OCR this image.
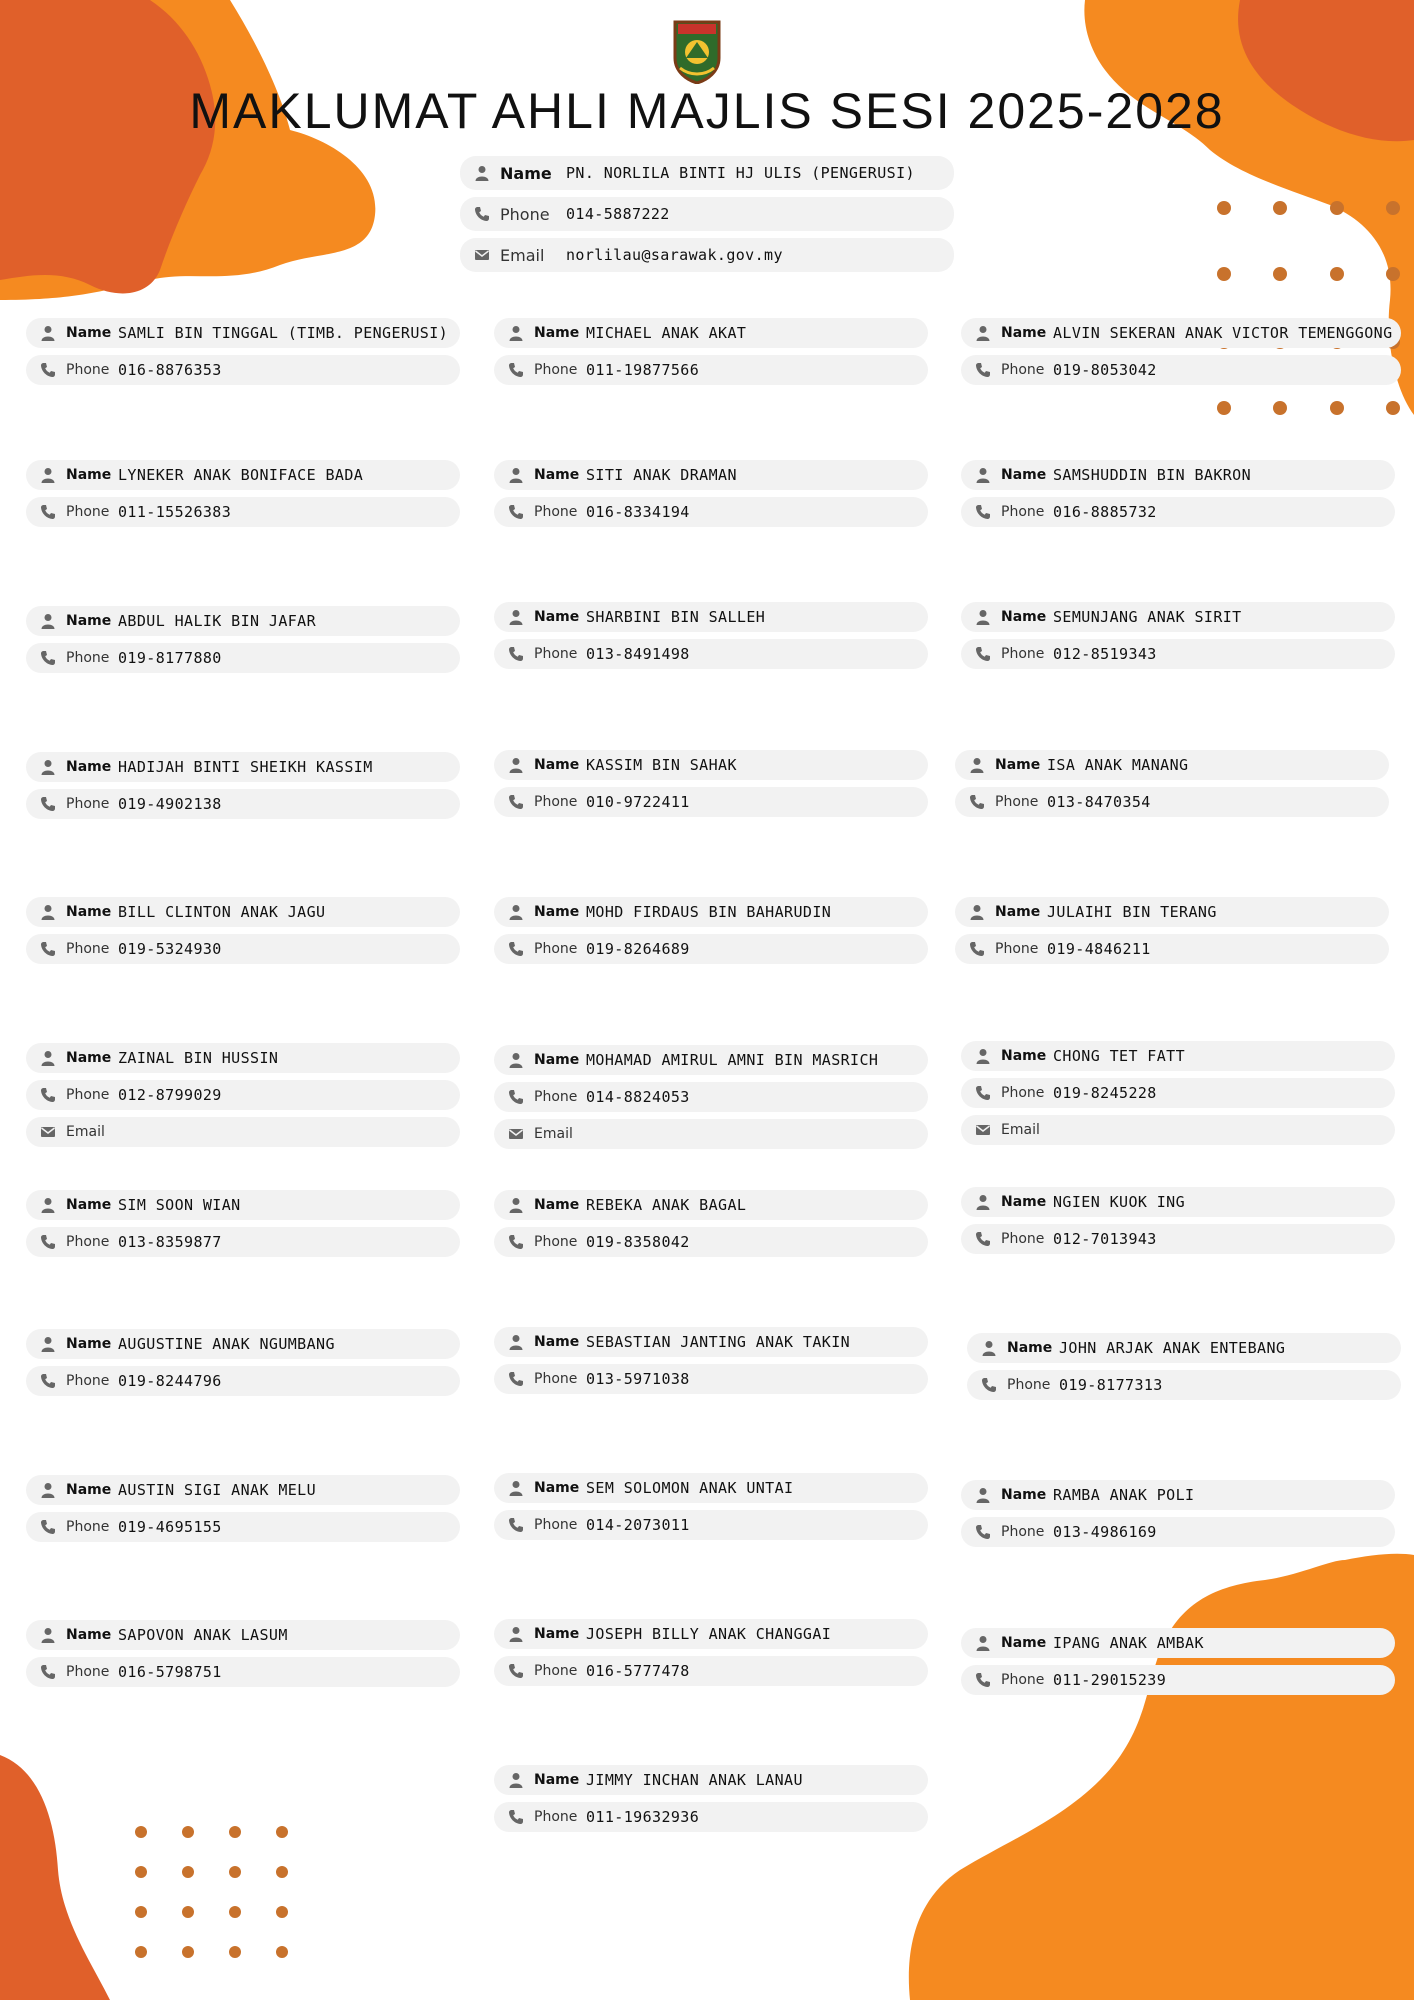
MAKLUMAT AHLI MAJLIS SESI 2025-2028
Name PN. NORLILA BINTI HJ ULIS (PENGERUSI)
Phone	014-5887222
Email	norlilau@sarawak.gov.my
Name SAMLI BIN TINGGAL (TIMB. PENGERUSI)
Phone 016-8876353
Name MICHAEL ANAK AKAT
Phone 011-19877566
Name ALVIN SEKERAN ANAK VICTOR TEMENGGONG
Phone 019-8053042
Name LYNEKER ANAK BONIFACE BADA
Phone 011-15526383
Name SITI ANAK DRAMAN
Phone 016-8334194
Name SAMSHUDDIN BIN BAKRON
Phone 016-8885732
Name ABDUL HALIK BIN JAFAR
Phone 019-8177880
Name SHARBINI BIN SALLEH
Phone 013-8491498
Name SEMUNJANG ANAK SIRIT
Phone 012-8519343
Name HADIJAH BINTI SHEIKH KASSIM
Phone 019-4902138
Name KASSIM BIN SAHAK
Phone 010-9722411
Name ISA ANAK MANANG
Phone 013-8470354
Name BILL CLINTON ANAK JAGU
Phone 019-5324930
Name MOHD FIRDAUS BIN BAHARUDIN
Phone 019-8264689
Name JULAIHI BIN TERANG
Phone 019-4846211
Name ZAINAL BIN HUSSIN
Phone 012-8799029
Email
Name MOHAMAD AMIRUL AMNI BIN MASRICH
Phone 014-8824053
Email
Name CHONG TET FATT
Phone 019-8245228
Email
Name SIM SOON WIAN
Phone 013-8359877
Name REBEKA ANAK BAGAL
Phone 019-8358042
Name NGIEN KUOK ING
Phone 012-7013943
Name AUGUSTINE ANAK NGUMBANG
Phone 019-8244796
Name SEBASTIAN JANTING ANAK TAKIN
Phone 013-5971038
Name JOHN ARJAK ANAK ENTEBANG
Phone 019-8177313
Name AUSTIN SIGI ANAK MELU
Phone 019-4695155
Name SEM SOLOMON ANAK UNTAI
Phone 014-2073011
Name RAMBA ANAK POLI
Phone 013-4986169
Name SAPOVON ANAK LASUM
Phone 016-5798751
Name JOSEPH BILLY ANAK CHANGGAI
Phone 016-5777478
Name IPANG ANAK AMBAK
Phone 011-29015239
Name JIMMY INCHAN ANAK LANAU
Phone 011-19632936
